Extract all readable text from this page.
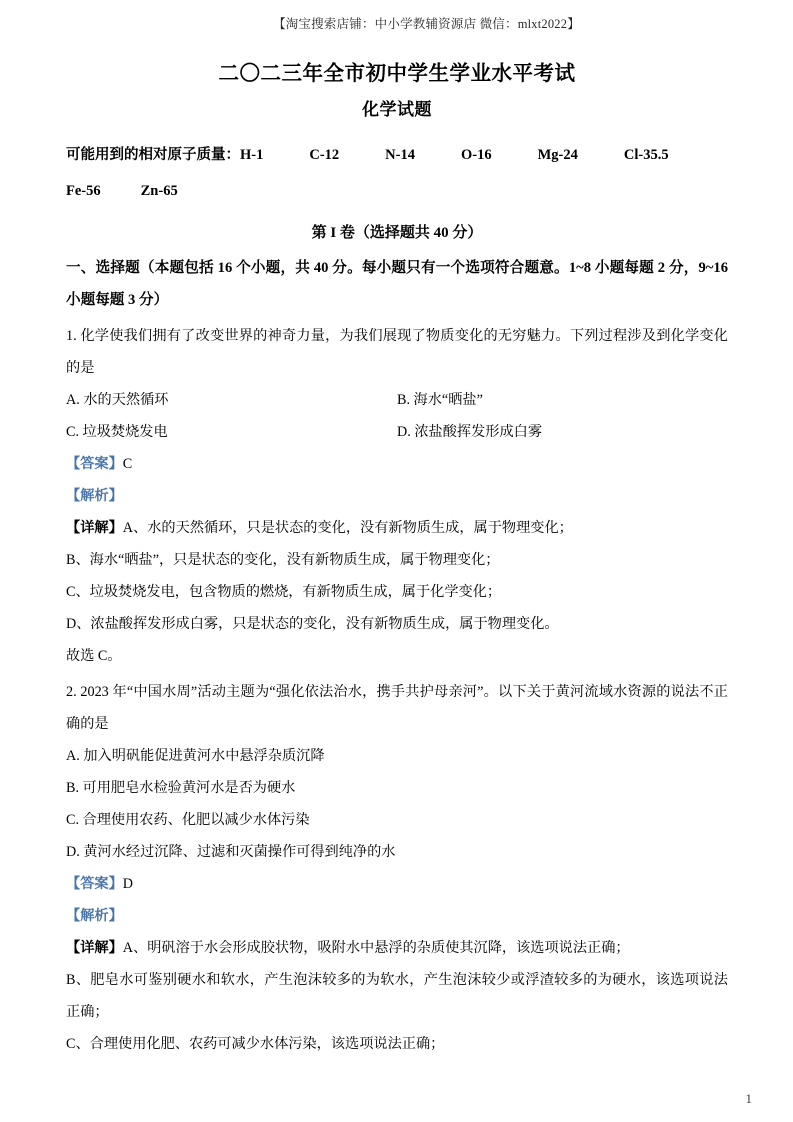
【淘宝搜索店铺：中小学教辅资源店 微信：mlxt2022】
二〇二三年全市初中学生学业水平考试
化学试题
可能用到的相对原子质量：H-1	C-12	N-14	O-16	Mg-24	Cl-35.5
Fe-56	Zn-65
第 I 卷（选择题共 40 分）
一、选择题（本题包括 16 个小题，共 40 分。每小题只有一个选项符合题意。1~8 小题每题 2 分，9~16 小题每题 3 分）
1. 化学使我们拥有了改变世界的神奇力量，为我们展现了物质变化的无穷魅力。下列过程涉及到化学变化的是
A. 水的天然循环	B. 海水“晒盐”
C. 垃圾焚烧发电	D. 浓盐酸挥发形成白雾
【答案】C
【解析】
【详解】A、水的天然循环，只是状态的变化，没有新物质生成，属于物理变化；
B、海水“晒盐”，只是状态的变化，没有新物质生成，属于物理变化；
C、垃圾焚烧发电，包含物质的燃烧，有新物质生成，属于化学变化；
D、浓盐酸挥发形成白雾，只是状态的变化，没有新物质生成，属于物理变化。
故选 C。
2. 2023 年“中国水周”活动主题为“强化依法治水，携手共护母亲河”。以下关于黄河流域水资源的说法不正确的是
A. 加入明矾能促进黄河水中悬浮杂质沉降
B. 可用肥皂水检验黄河水是否为硬水
C. 合理使用农药、化肥以减少水体污染
D. 黄河水经过沉降、过滤和灭菌操作可得到纯净的水
【答案】D
【解析】
【详解】A、明矾溶于水会形成胶状物，吸附水中悬浮的杂质使其沉降，该选项说法正确；
B、肥皂水可鉴别硬水和软水，产生泡沫较多的为软水，产生泡沫较少或浮渣较多的为硬水，该选项说法正确；
C、合理使用化肥、农药可减少水体污染，该选项说法正确；
1
